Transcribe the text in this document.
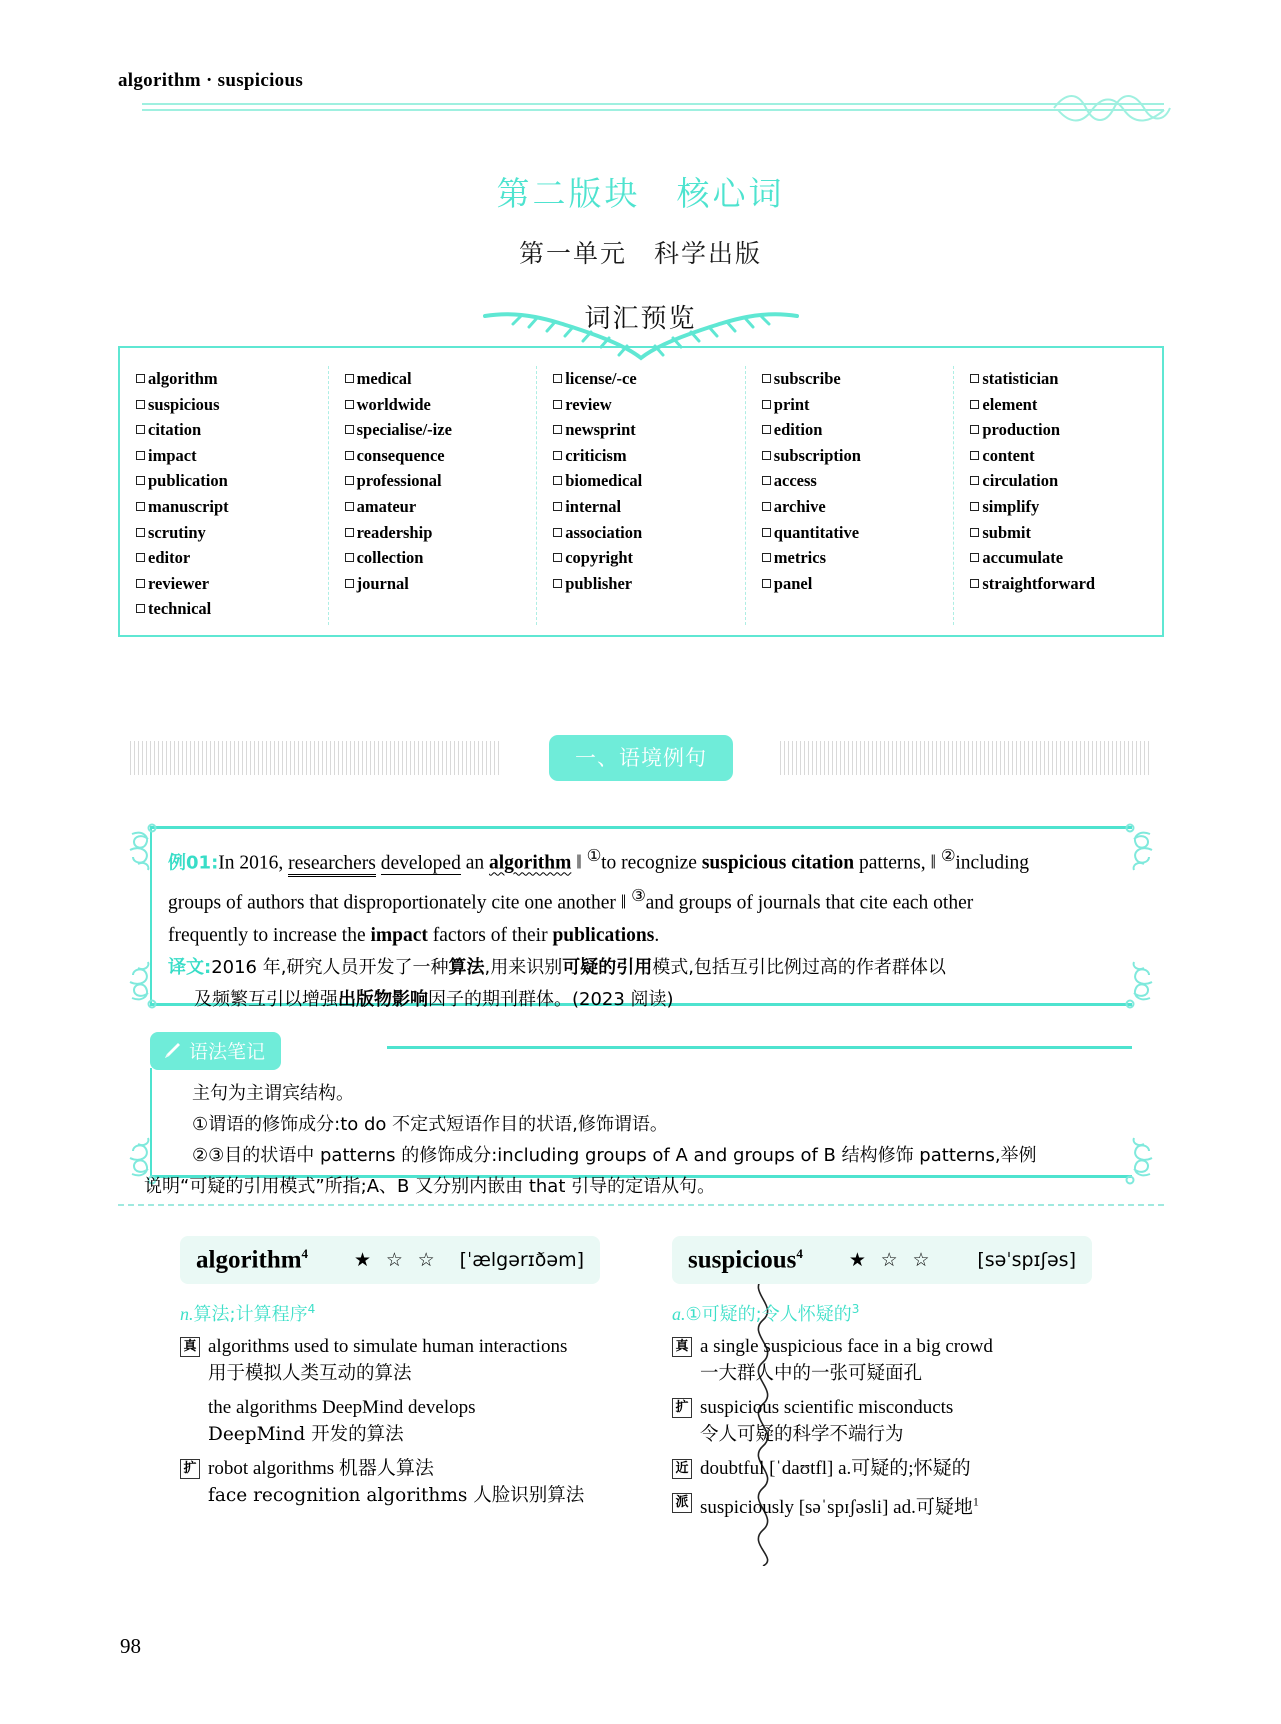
algorithm · suspicious
第二版块　核心词
第一单元　科学出版
词汇预览
algorithm
suspicious
citation
impact
publication
manuscript
scrutiny
editor
reviewer
technical
medical
worldwide
specialise/-ize
consequence
professional
amateur
readership
collection
journal
license/-ce
review
newsprint
criticism
biomedical
internal
association
copyright
publisher
subscribe
print
edition
subscription
access
archive
quantitative
metrics
panel
statistician
element
production
content
circulation
simplify
submit
accumulate
straightforward
一、语境例句
例01:In 2016, researchers developed an algorithm ‖ ①to recognize suspicious citation patterns, ‖ ②including
groups of authors that disproportionately cite one another ‖ ③and groups of journals that cite each other
frequently to increase the impact factors of their publications.
译文:2016 年,研究人员开发了一种算法,用来识别可疑的引用模式,包括互引比例过高的作者群体以
及频繁互引以增强出版物影响因子的期刊群体。(2023 阅读)
语法笔记
主句为主谓宾结构。
①谓语的修饰成分:to do 不定式短语作目的状语,修饰谓语。
②③目的状语中 patterns 的修饰成分:including groups of A and groups of B 结构修饰 patterns,举例
说明“可疑的引用模式”所指;A、B 又分别内嵌由 that 引导的定语从句。
algorithm$^4$ ★ ☆ ☆ [ˈælgərɪðəm]
n.算法;计算程序$^4$
真 algorithms used to simulate human interactions
用于模拟人类互动的算法
the algorithms DeepMind develops
DeepMind 开发的算法
扩 robot algorithms 机器人算法
face recognition algorithms 人脸识别算法
suspicious$^4$ ★ ☆ ☆ [səˈspɪʃəs]
a.①可疑的;令人怀疑的$^3$
真 a single suspicious face in a big crowd
一大群人中的一张可疑面孔
扩 suspicious scientific misconducts
令人可疑的科学不端行为
近 doubtful [ˈdaʊtfl] a.可疑的;怀疑的
派 suspiciously [səˈspɪʃəsli] ad.可疑地$^1$
98
